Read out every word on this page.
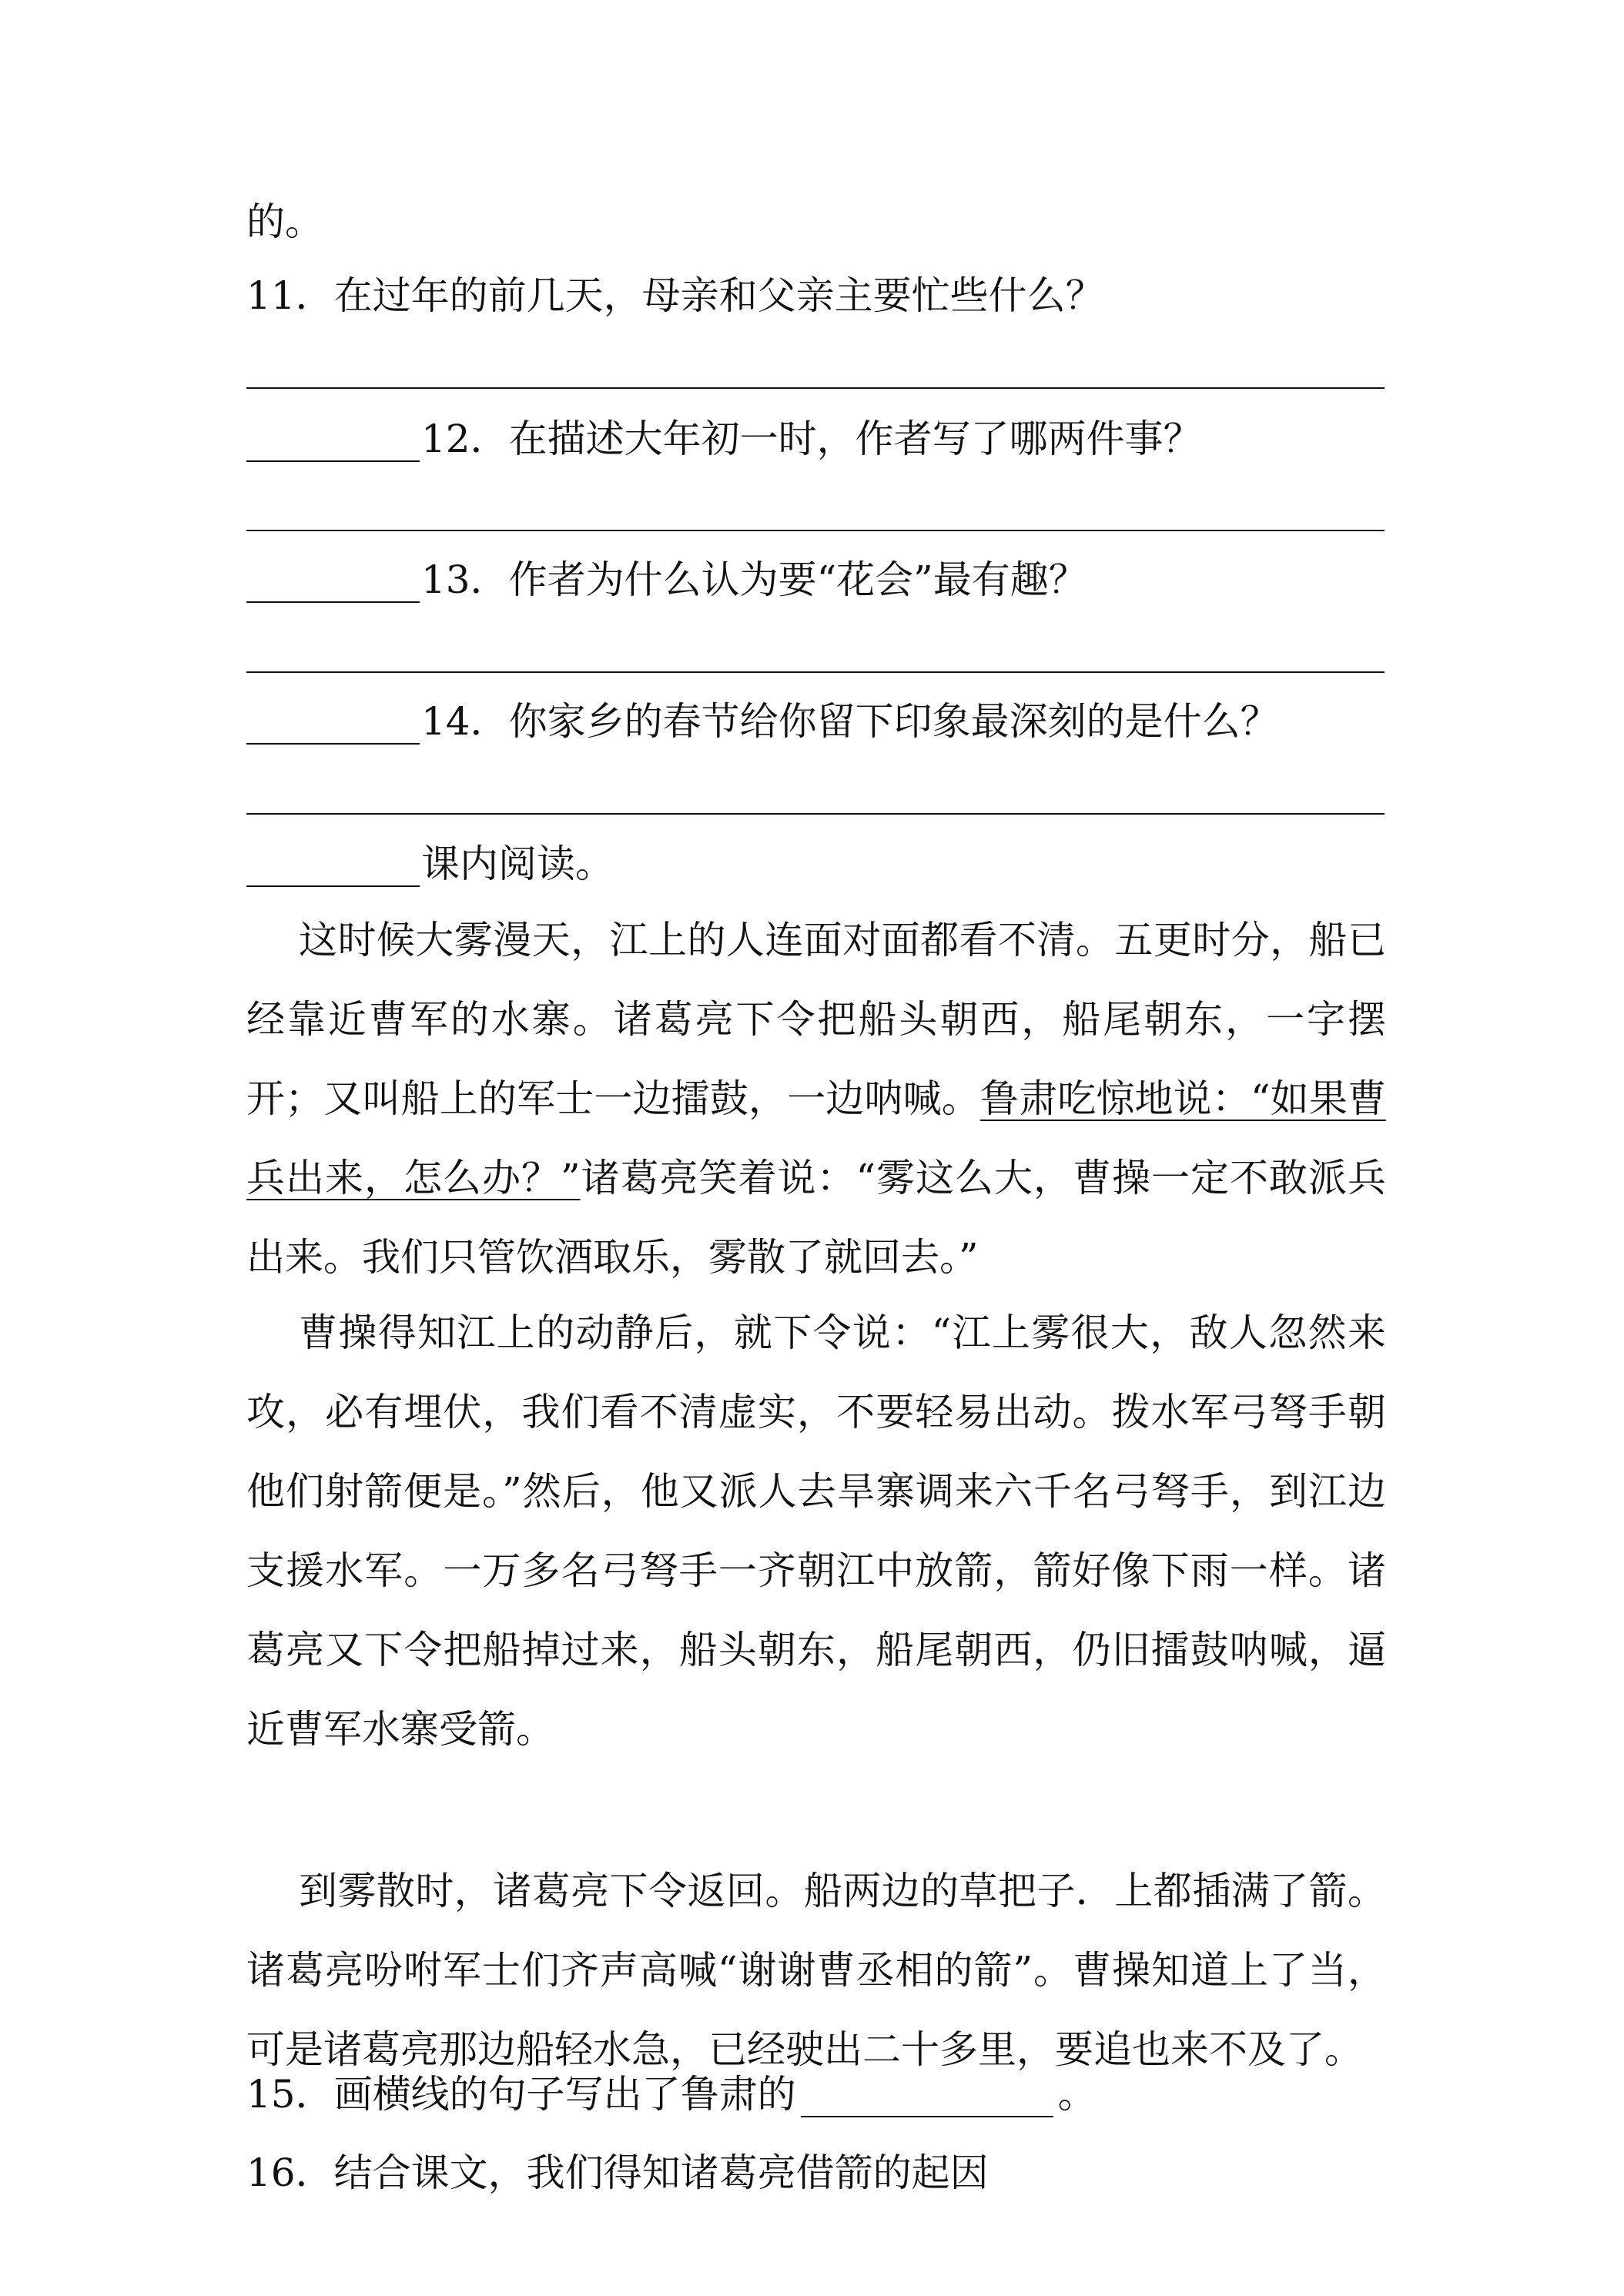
的。
11．在过年的前几天，母亲和父亲主要忙些什么？
12．在描述大年初一时，作者写了哪两件事？
13．作者为什么认为要“花会”最有趣？
14．你家乡的春节给你留下印象最深刻的是什么？
课内阅读。
这时候大雾漫天，江上的人连面对面都看不清。五更时分，船已经靠近曹军的水寨。诸葛亮下令把船头朝西，船尾朝东，一字摆开；又叫船上的军士一边擂鼓，一边呐喊。鲁肃吃惊地说：“如果曹兵出来，怎么办？”诸葛亮笑着说：“雾这么大，曹操一定不敢派兵出来。我们只管饮酒取乐，雾散了就回去。”
曹操得知江上的动静后，就下令说：“江上雾很大，敌人忽然来攻，必有埋伏，我们看不清虚实，不要轻易出动。拨水军弓弩手朝他们射箭便是。”然后，他又派人去旱寨调来六千名弓弩手，到江边支援水军。一万多名弓弩手一齐朝江中放箭，箭好像下雨一样。诸葛亮又下令把船掉过来，船头朝东，船尾朝西，仍旧擂鼓呐喊，逼近曹军水寨受箭。
到雾散时，诸葛亮下令返回。船两边的草把子．上都插满了箭。诸葛亮吩咐军士们齐声高喊“谢谢曹丞相的箭”。曹操知道上了当，可是诸葛亮那边船轻水急，已经驶出二十多里，要追也来不及了。
15．画横线的句子写出了鲁肃的	。
16．结合课文，我们得知诸葛亮借箭的起因
